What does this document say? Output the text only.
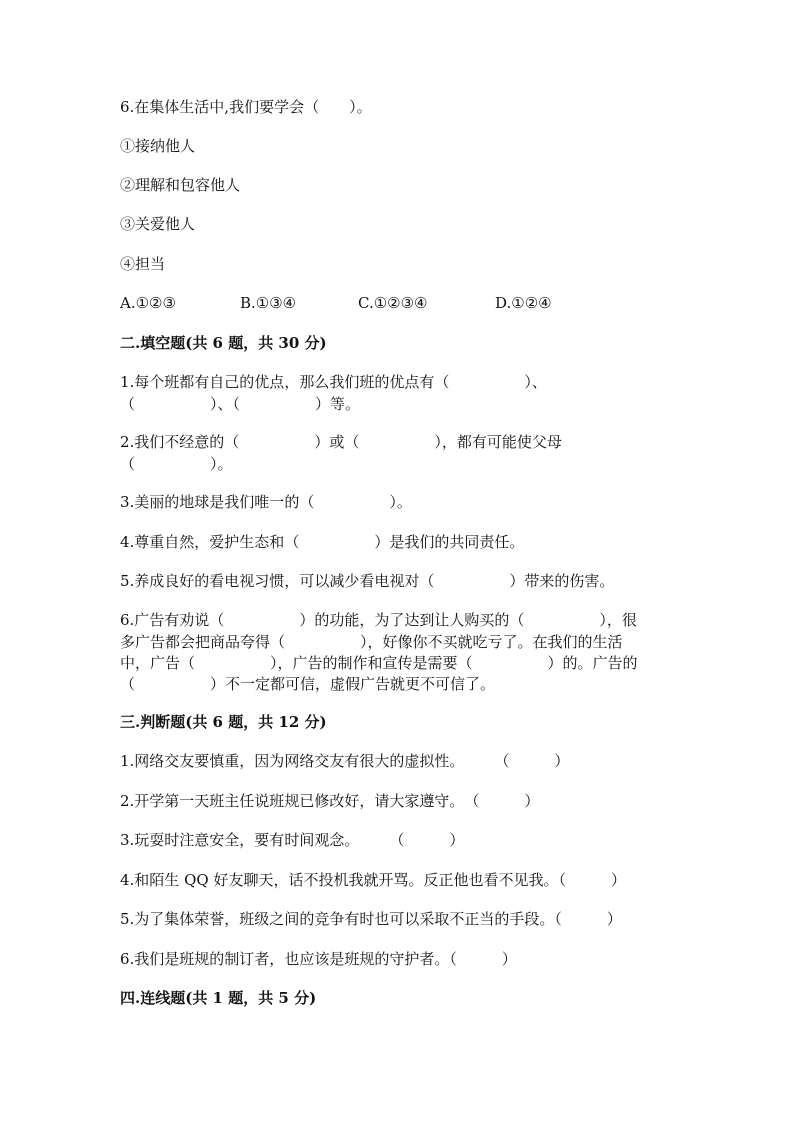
6.在集体生活中,我们要学会（　　）。
①接纳他人
②理解和包容他人
③关爱他人
④担当
A.①②③	B.①③④	C.①②③④	D.①②④
二.填空题(共 6 题，共 30 分)
1.每个班都有自己的优点，那么我们班的优点有（　　　　　）、
（　　　　　）、（　　　　　）等。
2.我们不经意的（　　　　　）或（　　　　　），都有可能使父母
（　　　　　）。
3.美丽的地球是我们唯一的（　　　　　）。
4.尊重自然，爱护生态和（　　　　　）是我们的共同责任。
5.养成良好的看电视习惯，可以减少看电视对（　　　　　）带来的伤害。
6.广告有劝说（　　　　　）的功能，为了达到让人购买的（　　　　　），很
多广告都会把商品夸得（　　　　　），好像你不买就吃亏了。在我们的生活
中，广告（　　　　　），广告的制作和宣传是需要（　　　　　）的。广告的
（　　　　　）不一定都可信，虚假广告就更不可信了。
三.判断题(共 6 题，共 12 分)
1.网络交友要慎重，因为网络交友有很大的虚拟性。　　　（　　　）
2.开学第一天班主任说班规已修改好，请大家遵守。　（　　　）
3.玩耍时注意安全，要有时间观念。　　　（　　　）
4.和陌生 QQ 好友聊天，话不投机我就开骂。反正他也看不见我。（　　　）
5.为了集体荣誉，班级之间的竞争有时也可以采取不正当的手段。（　　　）
6.我们是班规的制订者，也应该是班规的守护者。（　　　）
四.连线题(共 1 题，共 5 分)
